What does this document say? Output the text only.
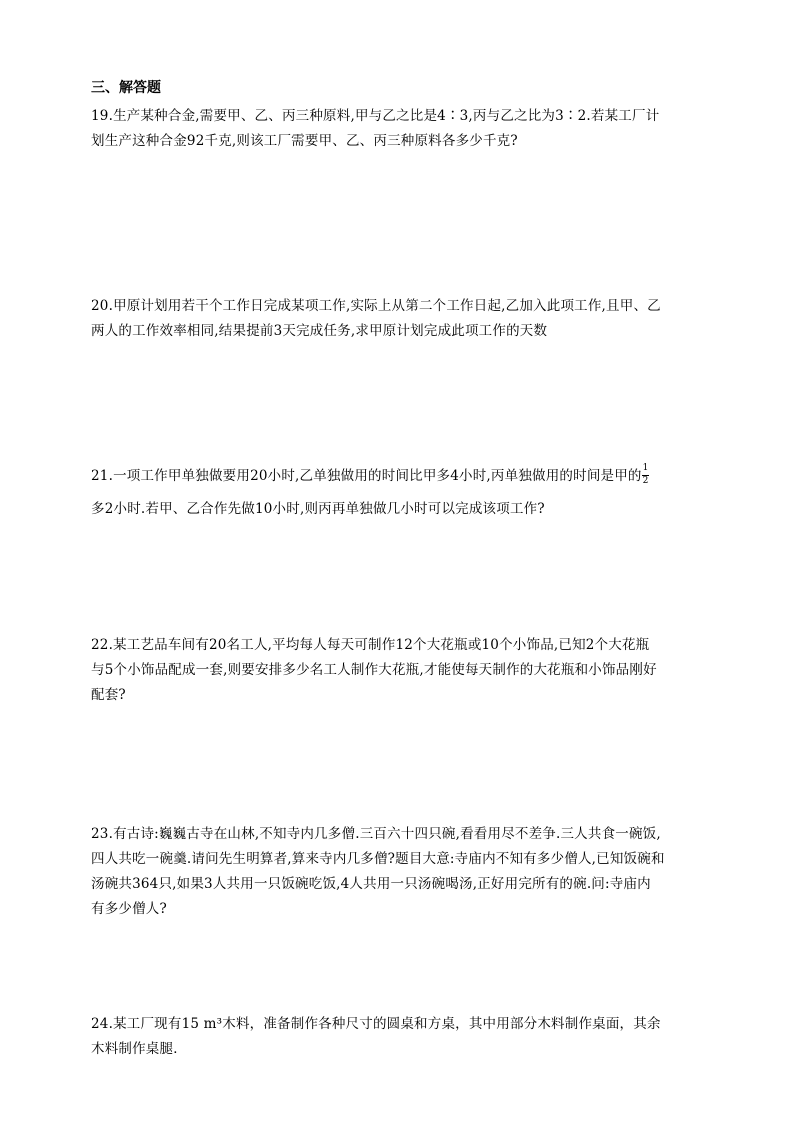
三、解答题

19.生产某种合金,需要甲、乙、丙三种原料,甲与乙之比是4∶3,丙与乙之比为3∶2.若某工厂计

划生产这种合金92千克,则该工厂需要甲、乙、丙三种原料各多少千克?

20.甲原计划用若干个工作日完成某项工作,实际上从第二个工作日起,乙加入此项工作,且甲、乙

两人的工作效率相同,结果提前3天完成任务,求甲原计划完成此项工作的天数

21.一项工作甲单独做要用20小时,乙单独做用的时间比甲多4小时,丙单独做用的时间是甲的 $\frac{1}{2}$

多2小时.若甲、乙合作先做10小时,则丙再单独做几小时可以完成该项工作?

22.某工艺品车间有20名工人,平均每人每天可制作12个大花瓶或10个小饰品,已知2个大花瓶

与5个小饰品配成一套,则要安排多少名工人制作大花瓶,才能使每天制作的大花瓶和小饰品刚好

配套?

23.有古诗:巍巍古寺在山林,不知寺内几多僧.三百六十四只碗,看看用尽不差争.三人共食一碗饭,

四人共吃一碗羹.请问先生明算者,算来寺内几多僧?题目大意:寺庙内不知有多少僧人,已知饭碗和

汤碗共364只,如果3人共用一只饭碗吃饭,4人共用一只汤碗喝汤,正好用完所有的碗.问:寺庙内

有多少僧人?

24.某工厂现有15 m³木料，准备制作各种尺寸的圆桌和方桌，其中用部分木料制作桌面，其余

木料制作桌腿．
